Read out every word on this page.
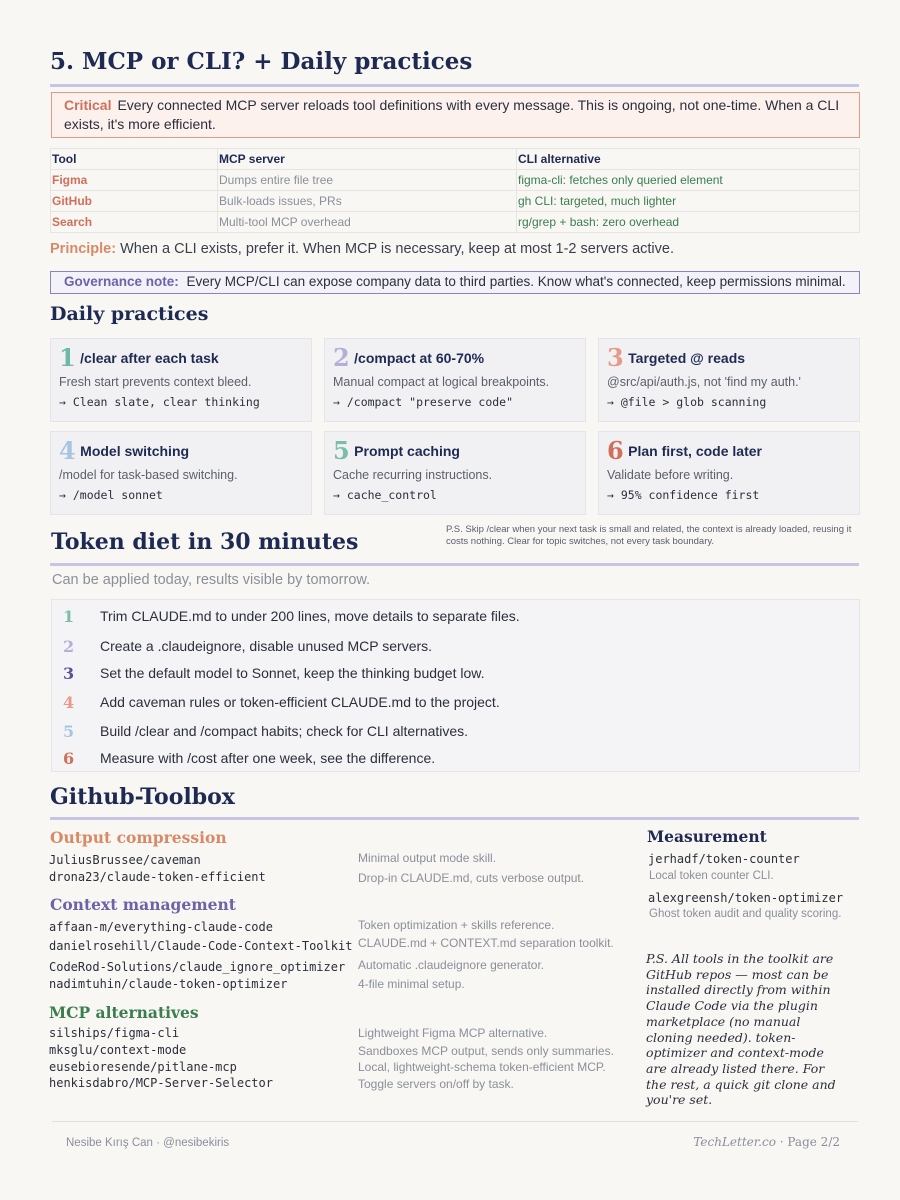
5. MCP or CLI? + Daily practices
Critical Every connected MCP server reloads tool definitions with every message. This is ongoing, not one-time. When a CLI exists, it's more efficient.
Tool	MCP server	CLI alternative
Figma	Dumps entire file tree	figma-cli: fetches only queried element
GitHub	Bulk-loads issues, PRs	gh CLI: targeted, much lighter
Search	Multi-tool MCP overhead	rg/grep + bash: zero overhead
Principle: When a CLI exists, prefer it. When MCP is necessary, keep at most 1-2 servers active.
Governance note: Every MCP/CLI can expose company data to third parties. Know what's connected, keep permissions minimal.
Daily practices
1 /clear after each task
Fresh start prevents context bleed.
→ Clean slate, clear thinking
2 /compact at 60-70%
Manual compact at logical breakpoints.
→ /compact "preserve code"
3 Targeted @ reads
@src/api/auth.js, not 'find my auth.'
→ @file > glob scanning
4 Model switching
/model for task-based switching.
→ /model sonnet
5 Prompt caching
Cache recurring instructions.
→ cache_control
6 Plan first, code later
Validate before writing.
→ 95% confidence first
Token diet in 30 minutes	P.S. Skip /clear when your next task is small and related, the context is already loaded, reusing it costs nothing. Clear for topic switches, not every task boundary.
Can be applied today, results visible by tomorrow.
1 Trim CLAUDE.md to under 200 lines, move details to separate files.
2 Create a .claudeignore, disable unused MCP servers.
3 Set the default model to Sonnet, keep the thinking budget low.
4 Add caveman rules or token-efficient CLAUDE.md to the project.
5 Build /clear and /compact habits; check for CLI alternatives.
6 Measure with /cost after one week, see the difference.
Github-Toolbox
Output compression
JuliusBrussee/caveman	Minimal output mode skill.
drona23/claude-token-efficient	Drop-in CLAUDE.md, cuts verbose output.
Context management
affaan-m/everything-claude-code	Token optimization + skills reference.
danielrosehill/Claude-Code-Context-Toolkit CLAUDE.md + CONTEXT.md separation toolkit.
CodeRod-Solutions/claude_ignore_optimizer Automatic .claudeignore generator.
nadimtuhin/claude-token-optimizer	4-file minimal setup.
MCP alternatives
silships/figma-cli	Lightweight Figma MCP alternative.
mksglu/context-mode	Sandboxes MCP output, sends only summaries.
eusebioresende/pitlane-mcp	Local, lightweight-schema token-efficient MCP.
henkisdabro/MCP-Server-Selector	Toggle servers on/off by task.
Measurement
jerhadf/token-counter
Local token counter CLI.
alexgreensh/token-optimizer
Ghost token audit and quality scoring.
P.S. All tools in the toolkit are GitHub repos — most can be installed directly from within Claude Code via the plugin marketplace (no manual cloning needed). token-optimizer and context-mode are already listed there. For the rest, a quick git clone and you're set.
Nesibe Kırış Can · @nesibekiris	TechLetter.co · Page 2/2
